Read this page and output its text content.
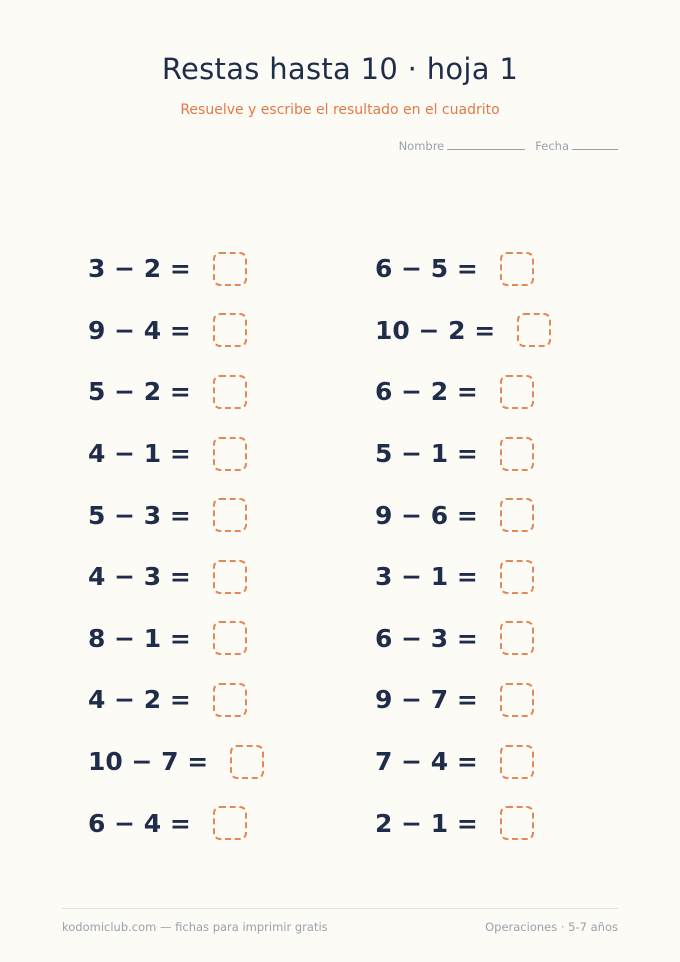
Restas hasta 10 · hoja 1
Resuelve y escribe el resultado en el cuadrito
Nombre	Fecha
3 − 2 =
9 − 4 =
5 − 2 =
4 − 1 =
5 − 3 =
4 − 3 =
8 − 1 =
4 − 2 =
10 − 7 =
6 − 4 =
6 − 5 =
10 − 2 =
6 − 2 =
5 − 1 =
9 − 6 =
3 − 1 =
6 − 3 =
9 − 7 =
7 − 4 =
2 − 1 =
kodomiclub.com — fichas para imprimir gratis	Operaciones · 5-7 años
